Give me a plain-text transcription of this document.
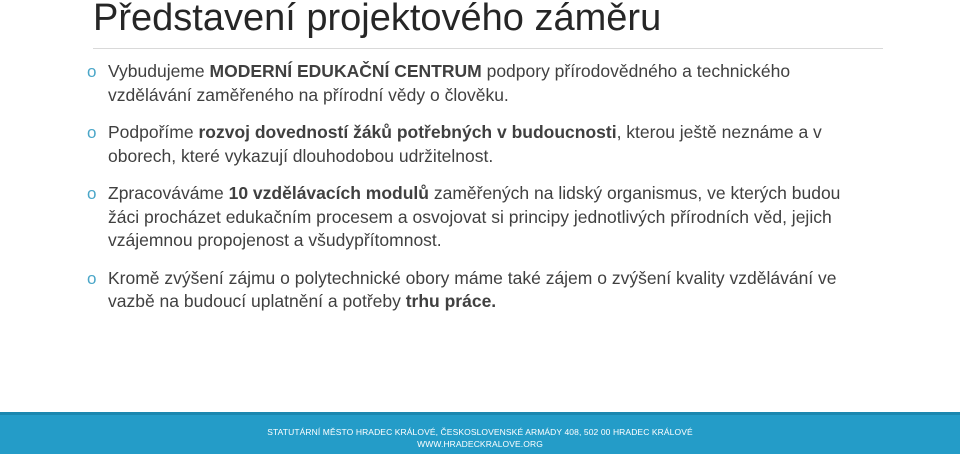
Představení projektového záměru
o Vybudujeme MODERNÍ EDUKAČNÍ CENTRUM podpory přírodovědného a technického vzdělávání zaměřeného na přírodní vědy o člověku.
o Podpoříme rozvoj dovedností žáků potřebných v budoucnosti, kterou ještě neznáme a v oborech, které vykazují dlouhodobou udržitelnost.
o Zpracováváme 10 vzdělávacích modulů zaměřených na lidský organismus, ve kterých budou žáci procházet edukačním procesem a osvojovat si principy jednotlivých přírodních věd, jejich vzájemnou propojenost a všudypřítomnost.
o Kromě zvýšení zájmu o polytechnické obory máme také zájem o zvýšení kvality vzdělávání ve vazbě na budoucí uplatnění a potřeby trhu práce.
STATUTÁRNÍ MĚSTO HRADEC KRÁLOVÉ, ČESKOSLOVENSKÉ ARMÁDY 408, 502 00 HRADEC KRÁLOVÉ
WWW.HRADECKRALOVE.ORG
